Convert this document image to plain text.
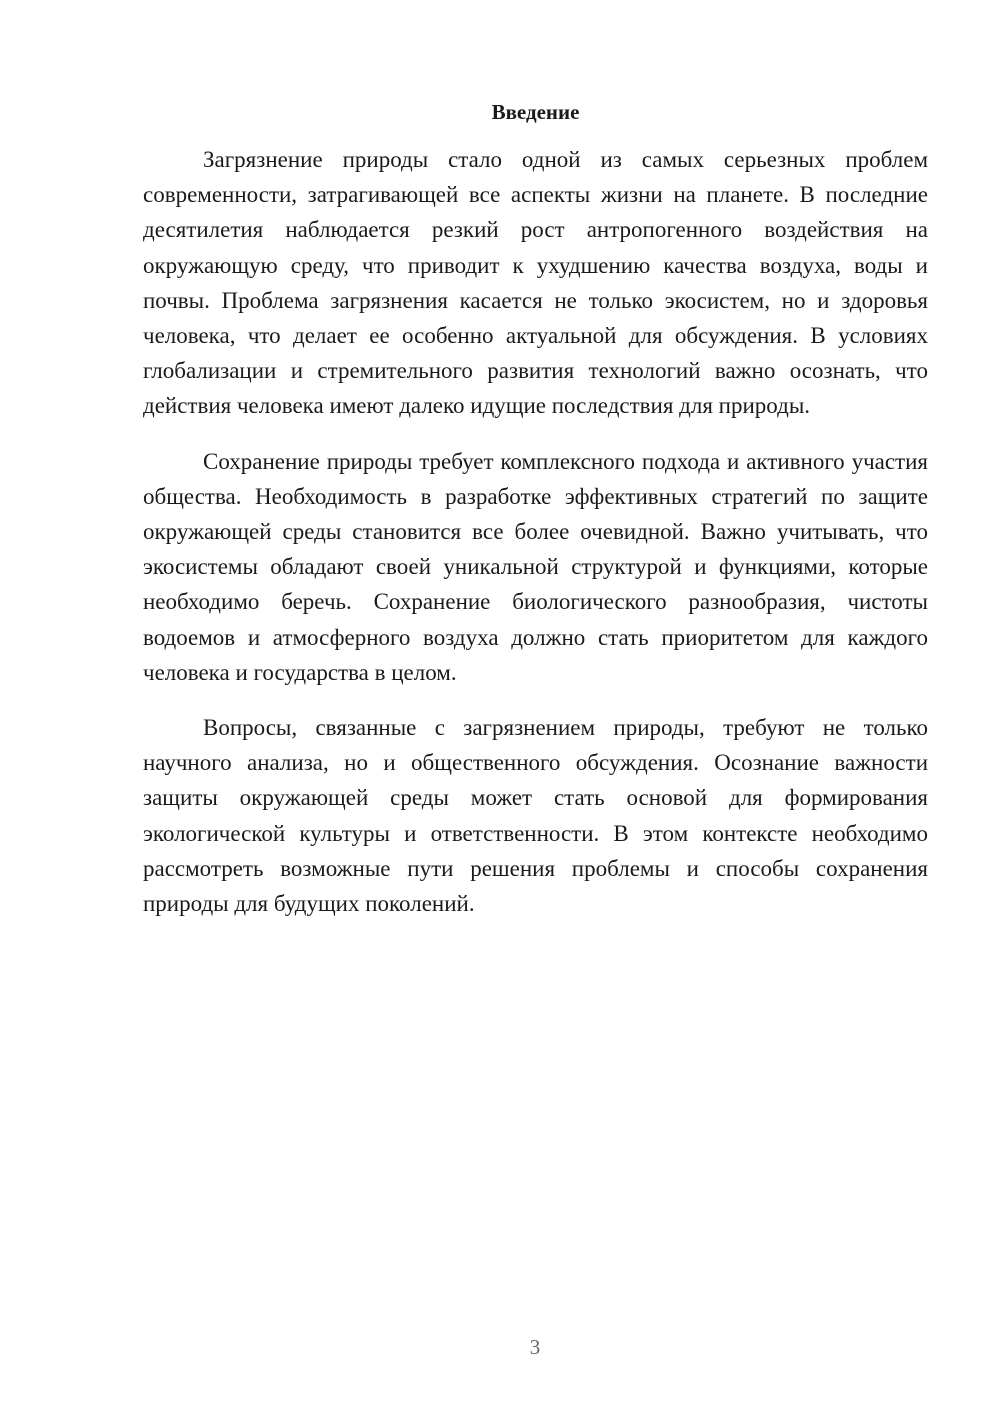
Введение

Загрязнение природы стало одной из самых серьезных проблем современности, затрагивающей все аспекты жизни на планете. В последние десятилетия наблюдается резкий рост антропогенного воздействия на окружающую среду, что приводит к ухудшению качества воздуха, воды и почвы. Проблема загрязнения касается не только экосистем, но и здоровья человека, что делает ее особенно актуальной для обсуждения. В условиях глобализации и стремительного развития технологий важно осознать, что действия человека имеют далеко идущие последствия для природы.

Сохранение природы требует комплексного подхода и активного участия общества. Необходимость в разработке эффективных стратегий по защите окружающей среды становится все более очевидной. Важно учитывать, что экосистемы обладают своей уникальной структурой и функциями, которые необходимо беречь. Сохранение биологического разнообразия, чистоты водоемов и атмосферного воздуха должно стать приоритетом для каждого человека и государства в целом.

Вопросы, связанные с загрязнением природы, требуют не только научного анализа, но и общественного обсуждения. Осознание важности защиты окружающей среды может стать основой для формирования экологической культуры и ответственности. В этом контексте необходимо рассмотреть возможные пути решения проблемы и способы сохранения природы для будущих поколений.

3
